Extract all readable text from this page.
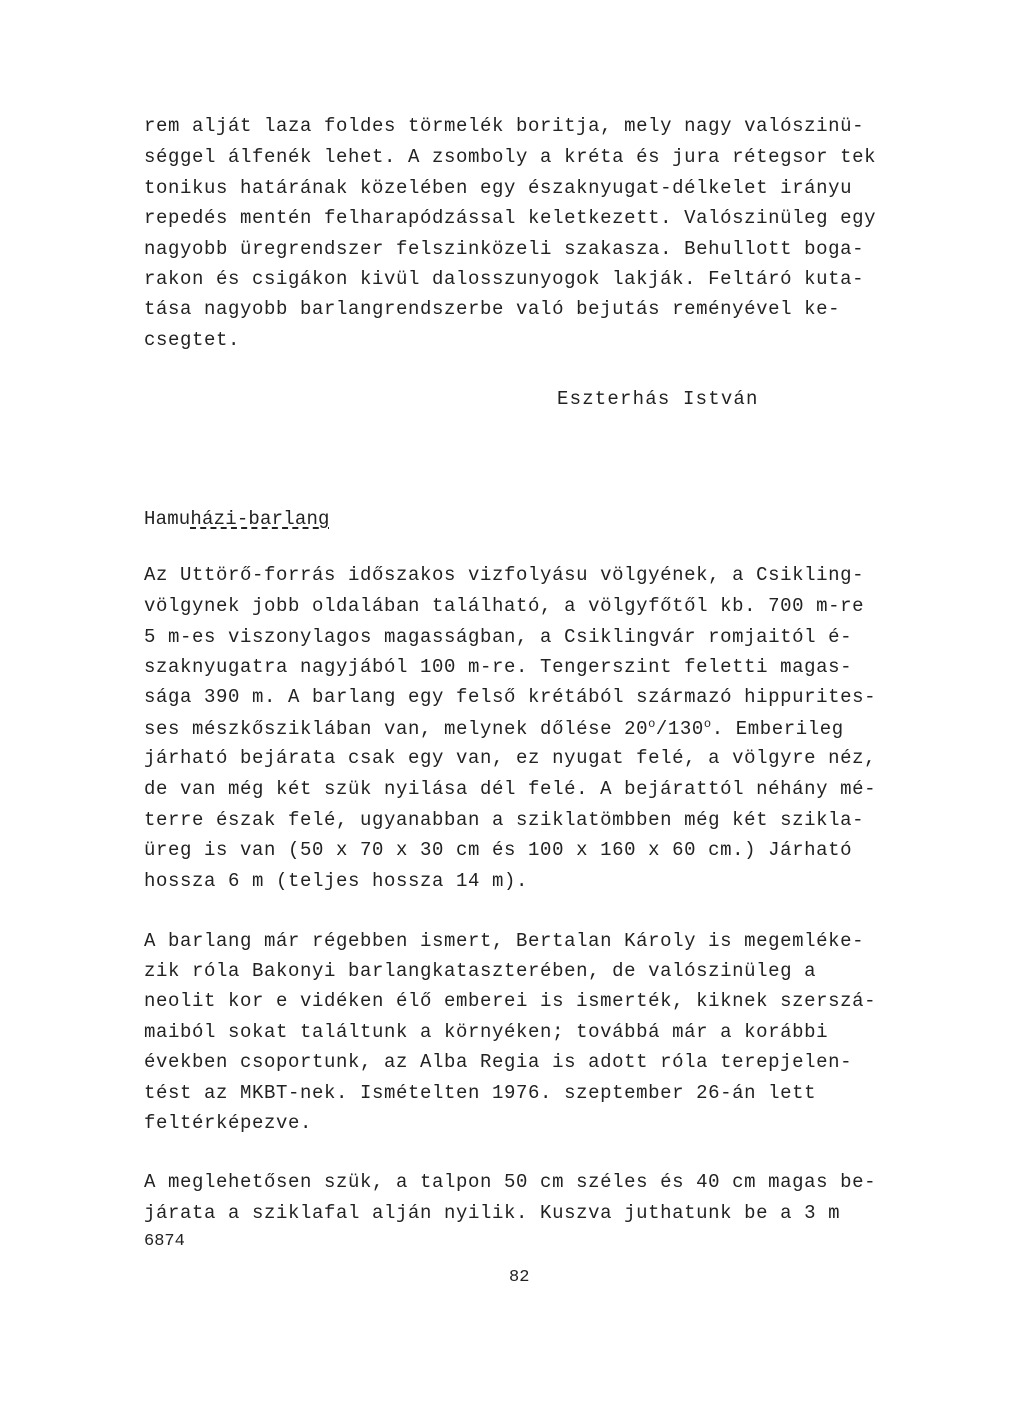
rem alját laza foldes törmelék boritja, mely nagy valószinü-
séggel álfenék lehet. A zsomboly a kréta és jura rétegsor tek
tonikus határának közelében egy északnyugat-délkelet irányu
repedés mentén felharapódzással keletkezett. Valószinüleg egy
nagyobb üregrendszer felszinközeli szakasza. Behullott boga-
rakon és csigákon kivül dalosszunyogok lakják. Feltáró kuta-
tása nagyobb barlangrendszerbe való bejutás reményével ke-
csegtet.
Eszterhás István
Hamuházi-barlang
Az Uttörő-forrás időszakos vizfolyásu völgyének, a Csikling-
völgynek jobb oldalában található, a völgyfőtől kb. 700 m-re
5 m-es viszonylagos magasságban, a Csiklingvár romjaitól é-
szaknyugatra nagyjából 100 m-re. Tengerszint feletti magas-
sága 390 m. A barlang egy felső krétából származó hippurites-
ses mészkősziklában van, melynek dőlése 20$^o$/130$^o$. Emberileg
járható bejárata csak egy van, ez nyugat felé, a völgyre néz,
de van még két szük nyilása dél felé. A bejárattól néhány mé-
terre észak felé, ugyanabban a sziklatömbben még két szikla-
üreg is van (50 x 70 x 30 cm és 100 x 160 x 60 cm.) Járható
hossza 6 m (teljes hossza 14 m).
A barlang már régebben ismert, Bertalan Károly is megemléke-
zik róla Bakonyi barlangkataszterében, de valószinüleg a
neolit kor e vidéken élő emberei is ismerték, kiknek szerszá-
maiból sokat találtunk a környéken; továbbá már a korábbi
években csoportunk, az Alba Regia is adott róla terepjelen-
tést az MKBT-nek. Ismételten 1976. szeptember 26-án lett
feltérképezve.
A meglehetősen szük, a talpon 50 cm széles és 40 cm magas be-
járata a sziklafal alján nyilik. Kuszva juthatunk be a 3 m
6874
82
